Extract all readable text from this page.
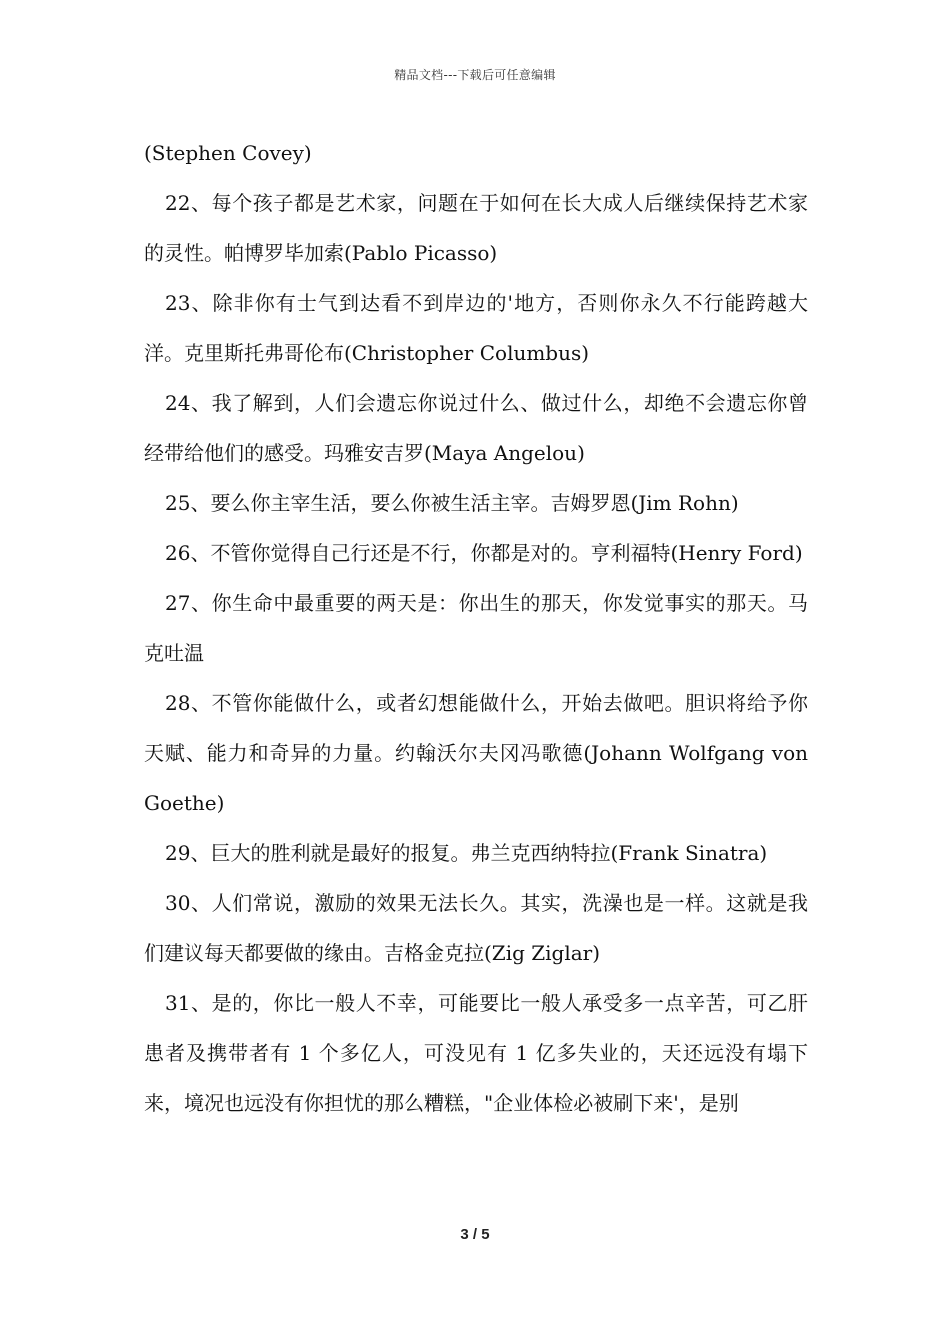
精品文档---下载后可任意编辑

(Stephen Covey)

22、每个孩子都是艺术家，问题在于如何在长大成人后继续保持艺术家的灵性。帕博罗毕加索(Pablo Picasso)

23、除非你有士气到达看不到岸边的'地方，否则你永久不行能跨越大洋。克里斯托弗哥伦布(Christopher Columbus)

24、我了解到，人们会遗忘你说过什么、做过什么，却绝不会遗忘你曾经带给他们的感受。玛雅安吉罗(Maya Angelou)

25、要么你主宰生活，要么你被生活主宰。吉姆罗恩(Jim Rohn)

26、不管你觉得自己行还是不行，你都是对的。亨利福特(Henry Ford)

27、你生命中最重要的两天是：你出生的那天，你发觉事实的那天。马克吐温

28、不管你能做什么，或者幻想能做什么，开始去做吧。胆识将给予你天赋、能力和奇异的力量。约翰沃尔夫冈冯歌德(Johann Wolfgang von Goethe)

29、巨大的胜利就是最好的报复。弗兰克西纳特拉(Frank Sinatra)

30、人们常说，激励的效果无法长久。其实，洗澡也是一样。这就是我们建议每天都要做的缘由。吉格金克拉(Zig Ziglar)

31、是的，你比一般人不幸，可能要比一般人承受多一点辛苦，可乙肝患者及携带者有 1 个多亿人，可没见有 1 亿多失业的，天还远没有塌下来，境况也远没有你担忧的那么糟糕，"企业体检必被刷下来'，是别

3 / 5
